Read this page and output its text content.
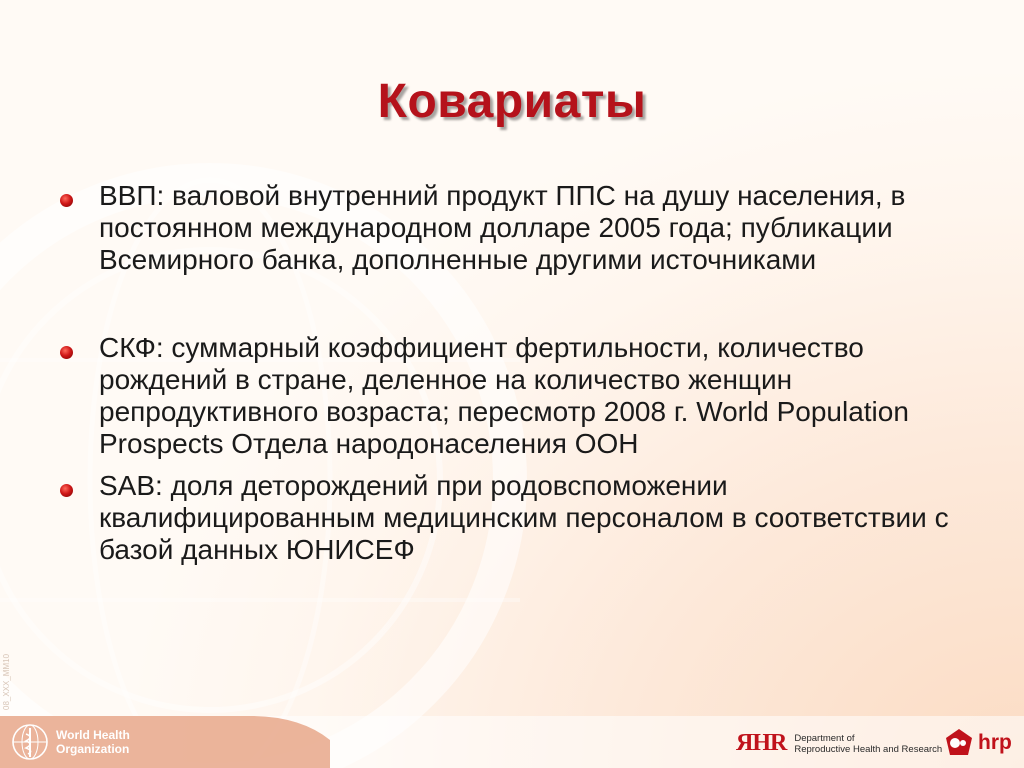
Ковариаты
ВВП: валовой внутренний продукт ППС на душу населения, в постоянном международном долларе 2005 года; публикации Всемирного банка, дополненные другими источниками
СКФ: суммарный коэффициент фертильности, количество рождений в стране, деленное на количество женщин репродуктивного возраста; пересмотр 2008 г. World Population Prospects Отдела народонаселения ООН
SAB: доля деторождений при родовспоможении квалифицированным медицинским персоналом в соответствии с базой данных ЮНИСЕФ
08_XXX_MM10
World Health
Organization	ЯHR Department of
Reproductive Health and Research hrp
